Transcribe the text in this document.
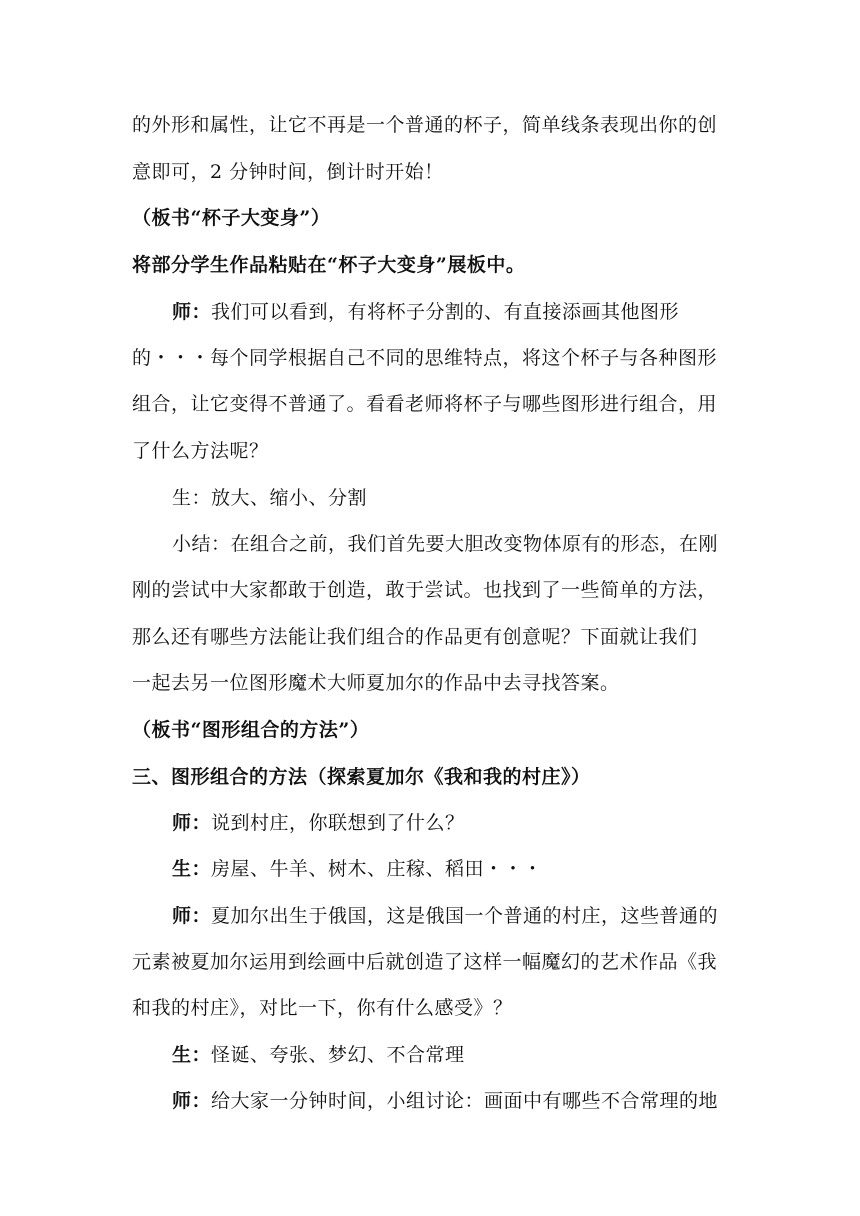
的外形和属性，让它不再是一个普通的杯子，简单线条表现出你的创
意即可，2 分钟时间，倒计时开始！
（板书“杯子大变身”）
将部分学生作品粘贴在“杯子大变身”展板中。
师：我们可以看到，有将杯子分割的、有直接添画其他图形
的・・・每个同学根据自己不同的思维特点，将这个杯子与各种图形
组合，让它变得不普通了。看看老师将杯子与哪些图形进行组合，用
了什么方法呢？
生：放大、缩小、分割
小结：在组合之前，我们首先要大胆改变物体原有的形态，在刚
刚的尝试中大家都敢于创造，敢于尝试。也找到了一些简单的方法，
那么还有哪些方法能让我们组合的作品更有创意呢？下面就让我们
一起去另一位图形魔术大师夏加尔的作品中去寻找答案。
（板书“图形组合的方法”）
三、图形组合的方法（探索夏加尔《我和我的村庄》）
师：说到村庄，你联想到了什么？
生：房屋、牛羊、树木、庄稼、稻田・・・
师：夏加尔出生于俄国，这是俄国一个普通的村庄，这些普通的
元素被夏加尔运用到绘画中后就创造了这样一幅魔幻的艺术作品《我
和我的村庄》，对比一下，你有什么感受》？
生：怪诞、夸张、梦幻、不合常理
师：给大家一分钟时间，小组讨论：画面中有哪些不合常理的地
